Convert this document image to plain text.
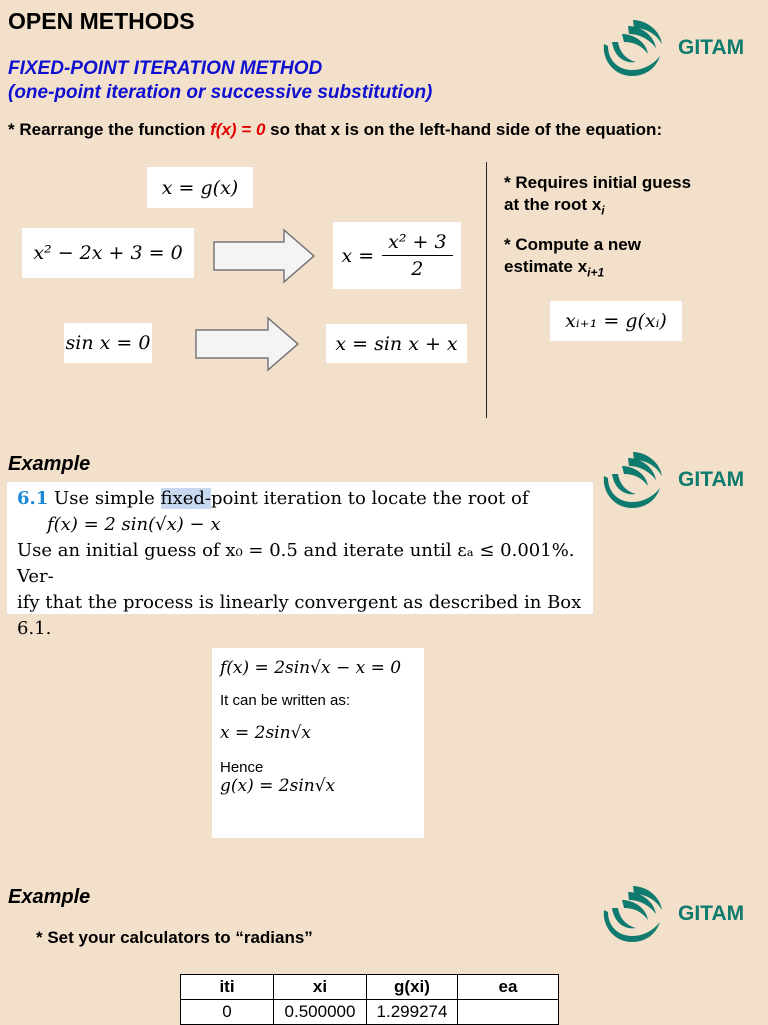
OPEN METHODS
FIXED-POINT ITERATION METHOD
(one-point iteration or successive substitution)
GITAM
GITAM
GITAM
* Rearrange the function f(x) = 0 so that x is on the left-hand side of the equation:
x = g(x)
x² − 2x + 3 = 0	$x = \frac{\text{x² + 3}}{2}$
sin x = 0	x = sin x + x
* Requires initial guess
at the root $x_i$
* Compute a new
estimate $x_{i+1}$
xᵢ₊₁ = g(xᵢ)
Example
6.1 Use simple fixed-point iteration to locate the root of
f(x) = 2 sin(√x) − x
Use an initial guess of x₀ = 0.5 and iterate until εₐ ≤ 0.001%. Ver-
ify that the process is linearly convergent as described in Box 6.1.
f(x) = 2sin√x − x = 0
It can be written as:
x = 2sin√x
Hence
g(x) = 2sin√x
Example
* Set your calculators to “radians”
iti	xi	g(xi)	ea
0	0.500000	1.299274	
